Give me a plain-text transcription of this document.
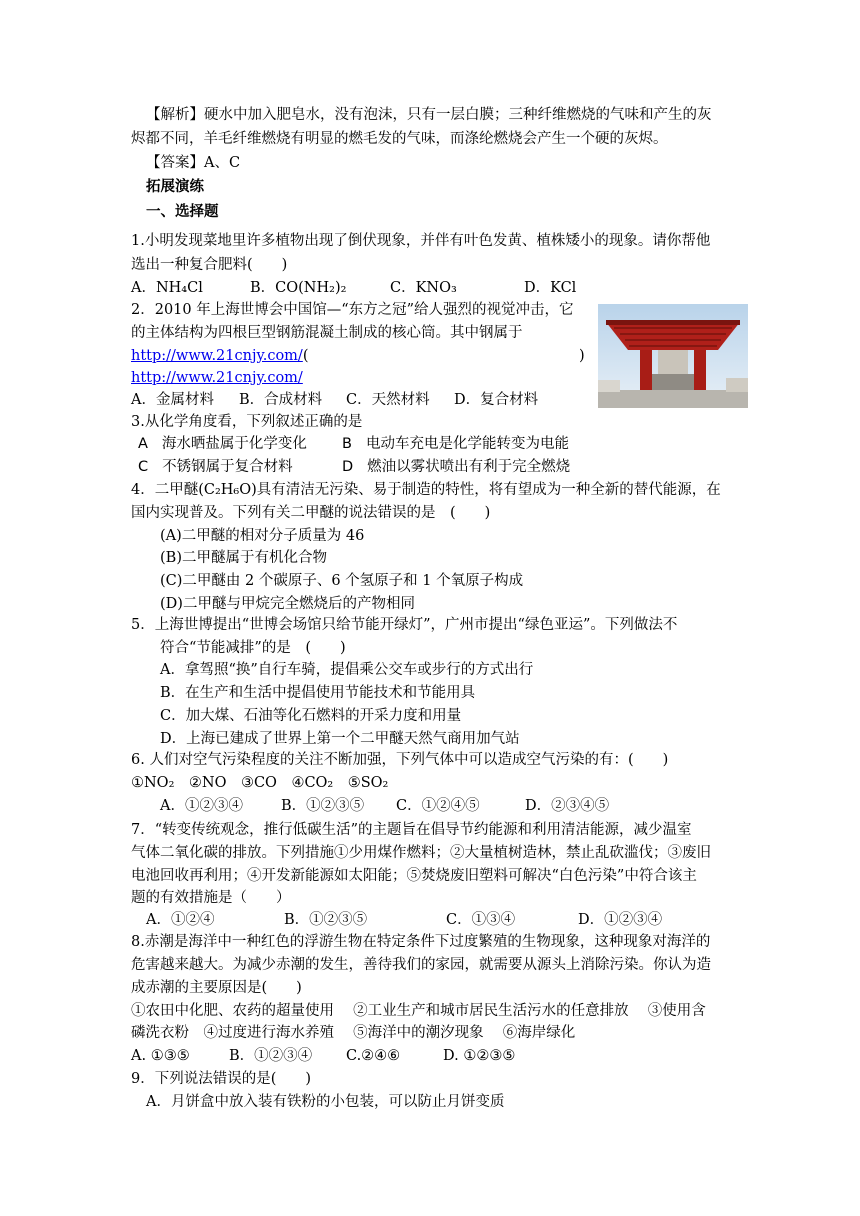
【解析】硬水中加入肥皂水，没有泡沫，只有一层白膜；三种纤维燃烧的气味和产生的灰
烬都不同，羊毛纤维燃烧有明显的燃毛发的气味，而涤纶燃烧会产生一个硬的灰烬。
【答案】A、C
拓展演练
一、选择题
1.小明发现菜地里许多植物出现了倒伏现象，并伴有叶色发黄、植株矮小的现象。请你帮他
选出一种复合肥料(　　)
A．NH₄Cl	B．CO(NH₂)₂	C．KNO₃	D．KCl
2．2010 年上海世博会中国馆—“东方之冠”给人强烈的视觉冲击，它
的主体结构为四根巨型钢筋混凝土制成的核心筒。其中钢属于
http://www.21cnjy.com/(	)
http://www.21cnjy.com/
A．金属材料 B．合成材料 C．天然材料 D．复合材料
3.从化学角度看，下列叙述正确的是
A 海水晒盐属于化学变化 B 电动车充电是化学能转变为电能
C 不锈钢属于复合材料	D 燃油以雾状喷出有利于完全燃烧
4．二甲醚(C₂H₆O)具有清洁无污染、易于制造的特性，将有望成为一种全新的替代能源，在
国内实现普及。下列有关二甲醚的说法错误的是　(　　)
(A)二甲醚的相对分子质量为 46
(B)二甲醚属于有机化合物
(C)二甲醚由 2 个碳原子、6 个氢原子和 1 个氧原子构成
(D)二甲醚与甲烷完全燃烧后的产物相同
5．上海世博提出“世博会场馆只给节能开绿灯”，广州市提出“绿色亚运”。下列做法不
符合“节能减排”的是　(　　)
A．拿驾照“换”自行车骑，提倡乘公交车或步行的方式出行
B．在生产和生活中提倡使用节能技术和节能用具
C．加大煤、石油等化石燃料的开采力度和用量
D．上海已建成了世界上第一个二甲醚天然气商用加气站
6. 人们对空气污染程度的关注不断加强，下列气体中可以造成空气污染的有：(　　)
①NO₂　②NO　③CO　④CO₂　⑤SO₂
A．①②③④	B．①②③⑤ C．①②④⑤	D．②③④⑤
7．“转变传统观念，推行低碳生活”的主题旨在倡导节约能源和利用清洁能源，减少温室
气体二氧化碳的排放。下列措施①少用煤作燃料；②大量植树造林，禁止乱砍滥伐；③废旧
电池回收再利用；④开发新能源如太阳能；⑤焚烧废旧塑料可解决“白色污染”中符合该主
题的有效措施是（　　）
A．①②④	B．①②③⑤	C．①③④	D．①②③④
8.赤潮是海洋中一种红色的浮游生物在特定条件下过度繁殖的生物现象，这种现象对海洋的
危害越来越大。为减少赤潮的发生，善待我们的家园，就需要从源头上消除污染。你认为造
成赤潮的主要原因是(　　)
①农田中化肥、农药的超量使用　 ②工业生产和城市居民生活污水的任意排放　 ③使用含
磷洗衣粉　④过度进行海水养殖　 ⑤海洋中的潮汐现象　 ⑥海岸绿化
A. ①③⑤	B．①②③④ C.②④⑥	D. ①②③⑤
9．下列说法错误的是(　　)
A．月饼盒中放入装有铁粉的小包装，可以防止月饼变质
